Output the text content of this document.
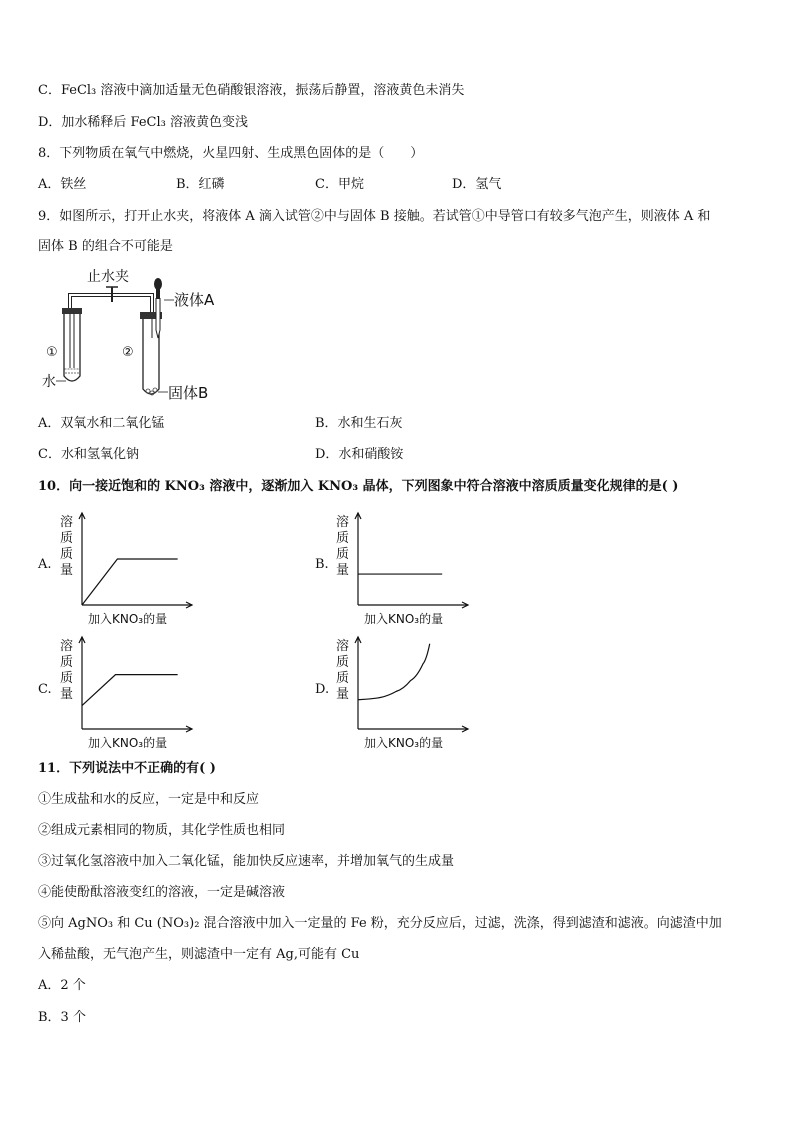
C．FeCl₃ 溶液中滴加适量无色硝酸银溶液，振荡后静置，溶液黄色未消失
D．加水稀释后 FeCl₃ 溶液黄色变浅
8．下列物质在氧气中燃烧，火星四射、生成黑色固体的是（　　）
A．铁丝	B．红磷	C．甲烷	D．氢气
9．如图所示，打开止水夹，将液体 A 滴入试管②中与固体 B 接触。若试管①中导管口有较多气泡产生，则液体 A 和
固体 B 的组合不可能是
止水夹
液体A
①	②
水
固体B
A．双氧水和二氧化锰	B．水和生石灰
C．水和氢氧化钠	D．水和硝酸铵
10．向一接近饱和的 KNO₃ 溶液中，逐渐加入 KNO₃ 晶体，下列图象中符合溶液中溶质质量变化规律的是( )
A.	B.
C.	D.
溶
质
质
量
加入KNO₃的量
溶
质
质
量
加入KNO₃的量
溶
质
质
量
加入KNO₃的量
溶
质
质
量
加入KNO₃的量
11．下列说法中不正确的有( )
①生成盐和水的反应，一定是中和反应
②组成元素相同的物质，其化学性质也相同
③过氧化氢溶液中加入二氧化锰，能加快反应速率，并增加氧气的生成量
④能使酚酞溶液变红的溶液，一定是碱溶液
⑤向 AgNO₃ 和 Cu (NO₃)₂ 混合溶液中加入一定量的 Fe 粉，充分反应后，过滤，洗涤，得到滤渣和滤液。向滤渣中加
入稀盐酸，无气泡产生，则滤渣中一定有 Ag,可能有 Cu
A．2 个
B．3 个
